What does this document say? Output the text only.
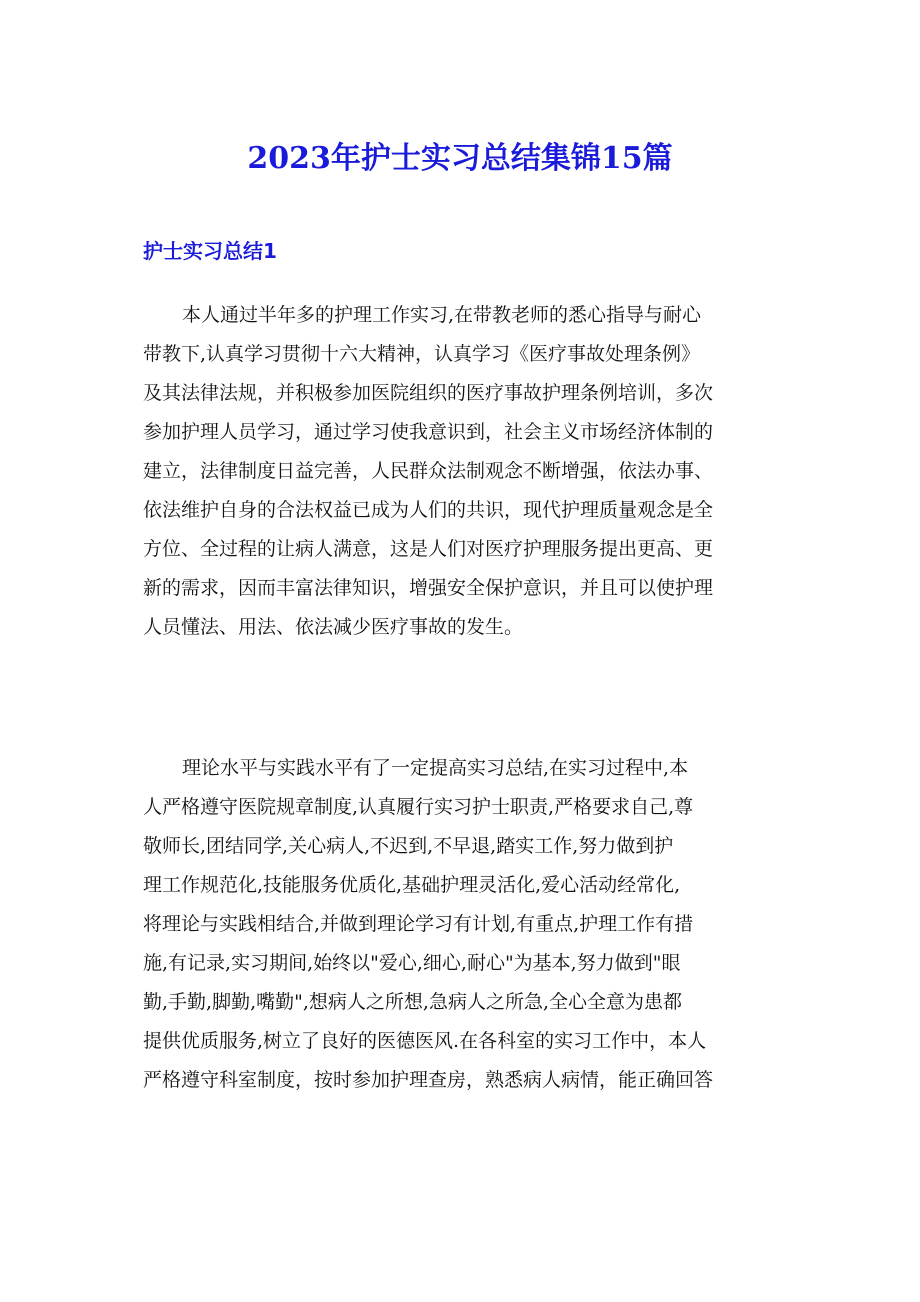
2023年护士实习总结集锦15篇
护士实习总结1
本人通过半年多的护理工作实习,在带教老师的悉心指导与耐心
带教下,认真学习贯彻十六大精神，认真学习《医疗事故处理条例》
及其法律法规，并积极参加医院组织的医疗事故护理条例培训，多次
参加护理人员学习，通过学习使我意识到，社会主义市场经济体制的
建立，法律制度日益完善，人民群众法制观念不断增强，依法办事、
依法维护自身的合法权益已成为人们的共识，现代护理质量观念是全
方位、全过程的让病人满意，这是人们对医疗护理服务提出更高、更
新的需求，因而丰富法律知识，增强安全保护意识，并且可以使护理
人员懂法、用法、依法减少医疗事故的发生。
理论水平与实践水平有了一定提高实习总结,在实习过程中,本
人严格遵守医院规章制度,认真履行实习护士职责,严格要求自己,尊
敬师长,团结同学,关心病人,不迟到,不早退,踏实工作,努力做到护
理工作规范化,技能服务优质化,基础护理灵活化,爱心活动经常化,
将理论与实践相结合,并做到理论学习有计划,有重点,护理工作有措
施,有记录,实习期间,始终以"爱心,细心,耐心"为基本,努力做到"眼
勤,手勤,脚勤,嘴勤",想病人之所想,急病人之所急,全心全意为患都
提供优质服务,树立了良好的医德医风.在各科室的实习工作中，本人
严格遵守科室制度，按时参加护理查房，熟悉病人病情，能正确回答
